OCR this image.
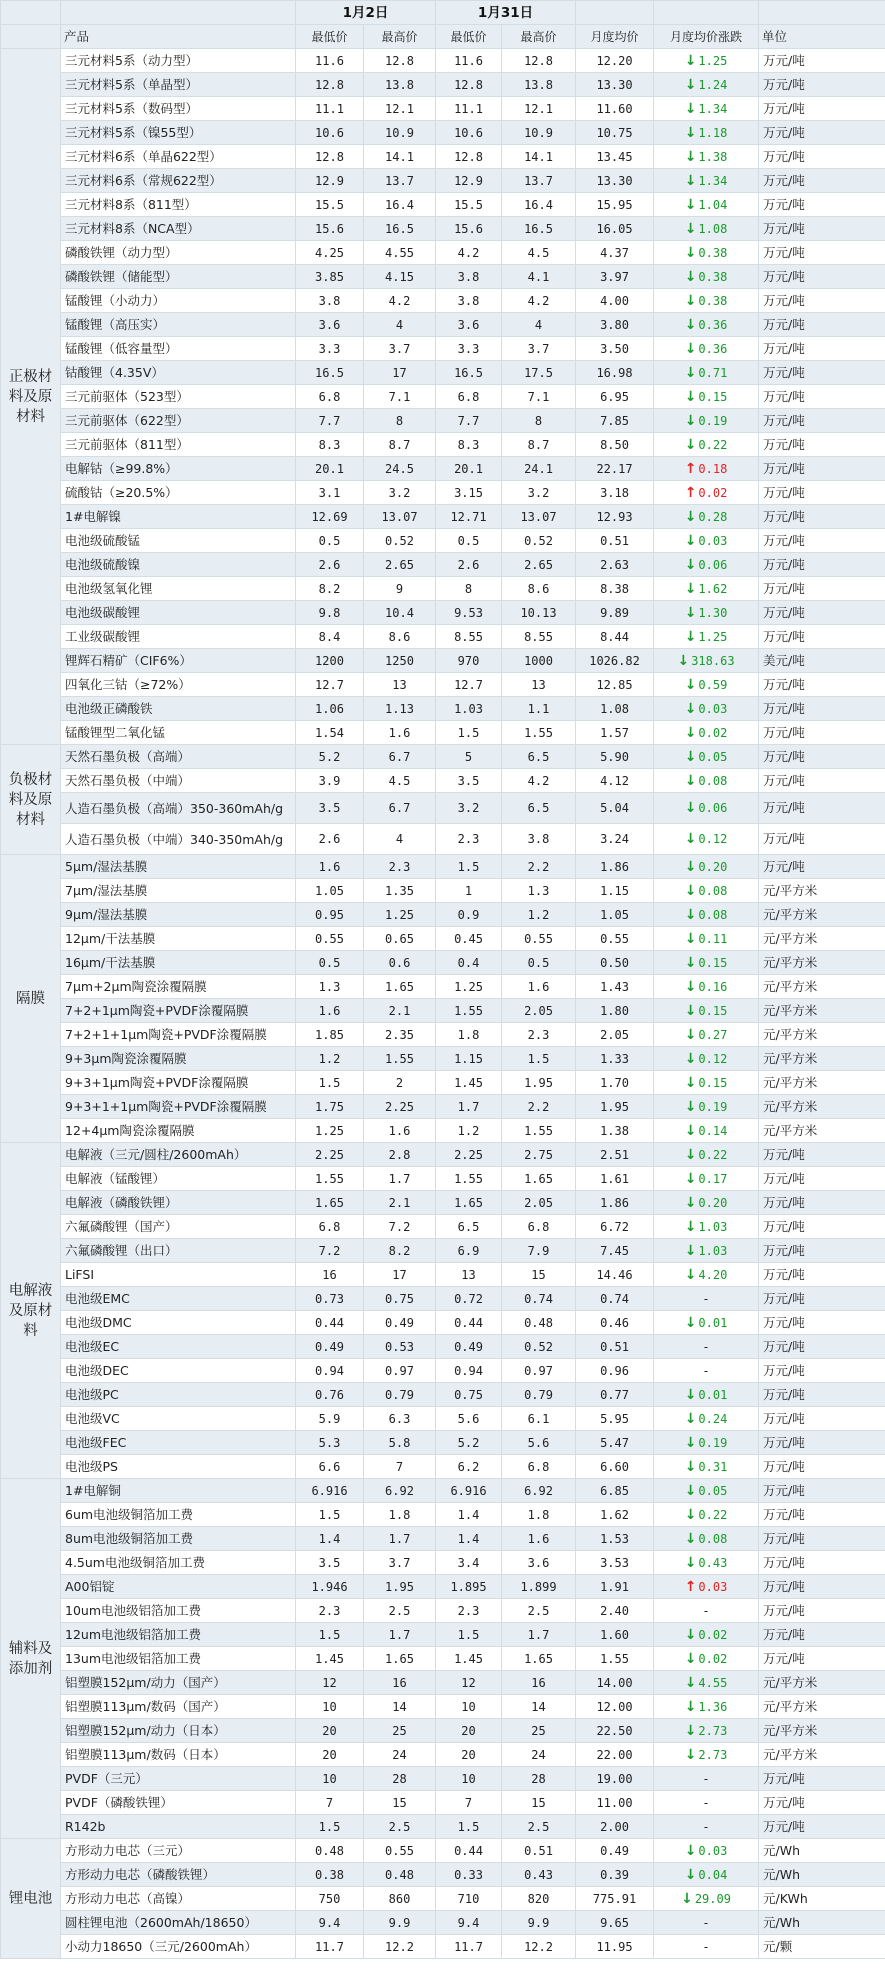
		1月2日		1月31日				
	产品	最低价	最高价	最低价	最高价	月度均价	月度均价涨跌	单位
正极材料及原材料	三元材料5系（动力型）	11.6	12.8	11.6	12.8	12.20	↓ 1.25	万元/吨
	三元材料5系（单晶型）	12.8	13.8	12.8	13.8	13.30	↓ 1.24	万元/吨
	三元材料5系（数码型）	11.1	12.1	11.1	12.1	11.60	↓ 1.34	万元/吨
	三元材料5系（镍55型）	10.6	10.9	10.6	10.9	10.75	↓ 1.18	万元/吨
	三元材料6系（单晶622型）	12.8	14.1	12.8	14.1	13.45	↓ 1.38	万元/吨
	三元材料6系（常规622型）	12.9	13.7	12.9	13.7	13.30	↓ 1.34	万元/吨
	三元材料8系（811型）	15.5	16.4	15.5	16.4	15.95	↓ 1.04	万元/吨
	三元材料8系（NCA型）	15.6	16.5	15.6	16.5	16.05	↓ 1.08	万元/吨
	磷酸铁锂（动力型）	4.25	4.55	4.2	4.5	4.37	↓ 0.38	万元/吨
	磷酸铁锂（储能型）	3.85	4.15	3.8	4.1	3.97	↓ 0.38	万元/吨
	锰酸锂（小动力）	3.8	4.2	3.8	4.2	4.00	↓ 0.38	万元/吨
	锰酸锂（高压实）	3.6	4	3.6	4	3.80	↓ 0.36	万元/吨
	锰酸锂（低容量型）	3.3	3.7	3.3	3.7	3.50	↓ 0.36	万元/吨
	钴酸锂（4.35V）	16.5	17	16.5	17.5	16.98	↓ 0.71	万元/吨
	三元前驱体（523型）	6.8	7.1	6.8	7.1	6.95	↓ 0.15	万元/吨
	三元前驱体（622型）	7.7	8	7.7	8	7.85	↓ 0.19	万元/吨
	三元前驱体（811型）	8.3	8.7	8.3	8.7	8.50	↓ 0.22	万元/吨
	电解钴（≥99.8%）	20.1	24.5	20.1	24.1	22.17	↑ 0.18	万元/吨
	硫酸钴（≥20.5%）	3.1	3.2	3.15	3.2	3.18	↑ 0.02	万元/吨
	1#电解镍	12.69	13.07	12.71	13.07	12.93	↓ 0.28	万元/吨
	电池级硫酸锰	0.5	0.52	0.5	0.52	0.51	↓ 0.03	万元/吨
	电池级硫酸镍	2.6	2.65	2.6	2.65	2.63	↓ 0.06	万元/吨
	电池级氢氧化锂	8.2	9	8	8.6	8.38	↓ 1.62	万元/吨
	电池级碳酸锂	9.8	10.4	9.53	10.13	9.89	↓ 1.30	万元/吨
	工业级碳酸锂	8.4	8.6	8.55	8.55	8.44	↓ 1.25	万元/吨
	锂辉石精矿（CIF6%）	1200	1250	970	1000	1026.82	↓ 318.63	美元/吨
	四氧化三钴（≥72%）	12.7	13	12.7	13	12.85	↓ 0.59	万元/吨
	电池级正磷酸铁	1.06	1.13	1.03	1.1	1.08	↓ 0.03	万元/吨
	锰酸锂型二氧化锰	1.54	1.6	1.5	1.55	1.57	↓ 0.02	万元/吨
负极材料及原材料	天然石墨负极（高端）	5.2	6.7	5	6.5	5.90	↓ 0.05	万元/吨
	天然石墨负极（中端）	3.9	4.5	3.5	4.2	4.12	↓ 0.08	万元/吨
	人造石墨负极（高端）350-360mAh/g	3.5	6.7	3.2	6.5	5.04	↓ 0.06	万元/吨
	人造石墨负极（中端）340-350mAh/g	2.6	4	2.3	3.8	3.24	↓ 0.12	万元/吨
隔膜	5μm/湿法基膜	1.6	2.3	1.5	2.2	1.86	↓ 0.20	万元/吨
	7μm/湿法基膜	1.05	1.35	1	1.3	1.15	↓ 0.08	元/平方米
	9μm/湿法基膜	0.95	1.25	0.9	1.2	1.05	↓ 0.08	元/平方米
	12μm/干法基膜	0.55	0.65	0.45	0.55	0.55	↓ 0.11	元/平方米
	16μm/干法基膜	0.5	0.6	0.4	0.5	0.50	↓ 0.15	元/平方米
	7μm+2μm陶瓷涂覆隔膜	1.3	1.65	1.25	1.6	1.43	↓ 0.16	元/平方米
	7+2+1μm陶瓷+PVDF涂覆隔膜	1.6	2.1	1.55	2.05	1.80	↓ 0.15	元/平方米
	7+2+1+1μm陶瓷+PVDF涂覆隔膜	1.85	2.35	1.8	2.3	2.05	↓ 0.27	元/平方米
	9+3μm陶瓷涂覆隔膜	1.2	1.55	1.15	1.5	1.33	↓ 0.12	元/平方米
	9+3+1μm陶瓷+PVDF涂覆隔膜	1.5	2	1.45	1.95	1.70	↓ 0.15	元/平方米
	9+3+1+1μm陶瓷+PVDF涂覆隔膜	1.75	2.25	1.7	2.2	1.95	↓ 0.19	元/平方米
	12+4μm陶瓷涂覆隔膜	1.25	1.6	1.2	1.55	1.38	↓ 0.14	元/平方米
电解液及原材料	电解液（三元/圆柱/2600mAh）	2.25	2.8	2.25	2.75	2.51	↓ 0.22	万元/吨
	电解液（锰酸锂）	1.55	1.7	1.55	1.65	1.61	↓ 0.17	万元/吨
	电解液（磷酸铁锂）	1.65	2.1	1.65	2.05	1.86	↓ 0.20	万元/吨
	六氟磷酸锂（国产）	6.8	7.2	6.5	6.8	6.72	↓ 1.03	万元/吨
	六氟磷酸锂（出口）	7.2	8.2	6.9	7.9	7.45	↓ 1.03	万元/吨
	LiFSI	16	17	13	15	14.46	↓ 4.20	万元/吨
	电池级EMC	0.73	0.75	0.72	0.74	0.74	-	万元/吨
	电池级DMC	0.44	0.49	0.44	0.48	0.46	↓ 0.01	万元/吨
	电池级EC	0.49	0.53	0.49	0.52	0.51	-	万元/吨
	电池级DEC	0.94	0.97	0.94	0.97	0.96	-	万元/吨
	电池级PC	0.76	0.79	0.75	0.79	0.77	↓ 0.01	万元/吨
	电池级VC	5.9	6.3	5.6	6.1	5.95	↓ 0.24	万元/吨
	电池级FEC	5.3	5.8	5.2	5.6	5.47	↓ 0.19	万元/吨
	电池级PS	6.6	7	6.2	6.8	6.60	↓ 0.31	万元/吨
辅料及添加剂	1#电解铜	6.916	6.92	6.916	6.92	6.85	↓ 0.05	万元/吨
	6um电池级铜箔加工费	1.5	1.8	1.4	1.8	1.62	↓ 0.22	万元/吨
	8um电池级铜箔加工费	1.4	1.7	1.4	1.6	1.53	↓ 0.08	万元/吨
	4.5um电池级铜箔加工费	3.5	3.7	3.4	3.6	3.53	↓ 0.43	万元/吨
	A00铝锭	1.946	1.95	1.895	1.899	1.91	↑ 0.03	万元/吨
	10um电池级铝箔加工费	2.3	2.5	2.3	2.5	2.40	-	万元/吨
	12um电池级铝箔加工费	1.5	1.7	1.5	1.7	1.60	↓ 0.02	万元/吨
	13um电池级铝箔加工费	1.45	1.65	1.45	1.65	1.55	↓ 0.02	万元/吨
	铝塑膜152μm/动力（国产）	12	16	12	16	14.00	↓ 4.55	元/平方米
	铝塑膜113μm/数码（国产）	10	14	10	14	12.00	↓ 1.36	元/平方米
	铝塑膜152μm/动力（日本）	20	25	20	25	22.50	↓ 2.73	元/平方米
	铝塑膜113μm/数码（日本）	20	24	20	24	22.00	↓ 2.73	元/平方米
	PVDF（三元）	10	28	10	28	19.00	-	万元/吨
	PVDF（磷酸铁锂）	7	15	7	15	11.00	-	万元/吨
	R142b	1.5	2.5	1.5	2.5	2.00	-	万元/吨
锂电池	方形动力电芯（三元）	0.48	0.55	0.44	0.51	0.49	↓ 0.03	元/Wh
	方形动力电芯（磷酸铁锂）	0.38	0.48	0.33	0.43	0.39	↓ 0.04	元/Wh
	方形动力电芯（高镍）	750	860	710	820	775.91	↓ 29.09	元/KWh
	圆柱锂电池（2600mAh/18650）	9.4	9.9	9.4	9.9	9.65	-	元/Wh
	小动力18650（三元/2600mAh）	11.7	12.2	11.7	12.2	11.95	-	元/颗
